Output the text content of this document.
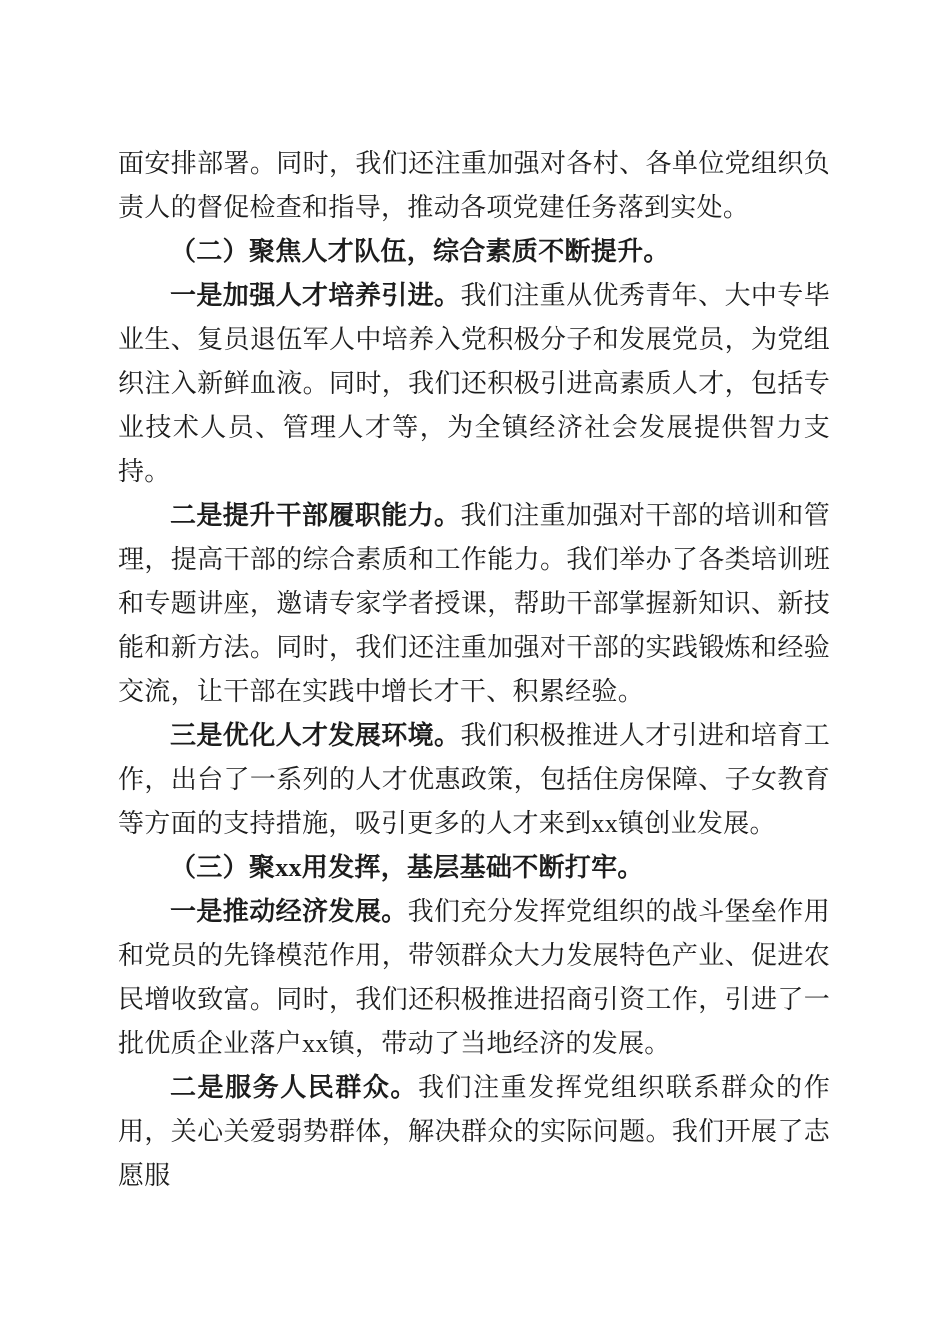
面安排部署。同时，我们还注重加强对各村、各单位党组织负责人的督促检查和指导，推动各项党建任务落到实处。

（二）聚焦人才队伍，综合素质不断提升。

一是加强人才培养引进。我们注重从优秀青年、大中专毕业生、复员退伍军人中培养入党积极分子和发展党员，为党组织注入新鲜血液。同时，我们还积极引进高素质人才，包括专业技术人员、管理人才等，为全镇经济社会发展提供智力支持。

二是提升干部履职能力。我们注重加强对干部的培训和管理，提高干部的综合素质和工作能力。我们举办了各类培训班和专题讲座，邀请专家学者授课，帮助干部掌握新知识、新技能和新方法。同时，我们还注重加强对干部的实践锻炼和经验交流，让干部在实践中增长才干、积累经验。

三是优化人才发展环境。我们积极推进人才引进和培育工作，出台了一系列的人才优惠政策，包括住房保障、子女教育等方面的支持措施，吸引更多的人才来到xx镇创业发展。

（三）聚xx用发挥，基层基础不断打牢。

一是推动经济发展。我们充分发挥党组织的战斗堡垒作用和党员的先锋模范作用，带领群众大力发展特色产业、促进农民增收致富。同时，我们还积极推进招商引资工作，引进了一批优质企业落户xx镇，带动了当地经济的发展。

二是服务人民群众。我们注重发挥党组织联系群众的作用，关心关爱弱势群体，解决群众的实际问题。我们开展了志愿服
